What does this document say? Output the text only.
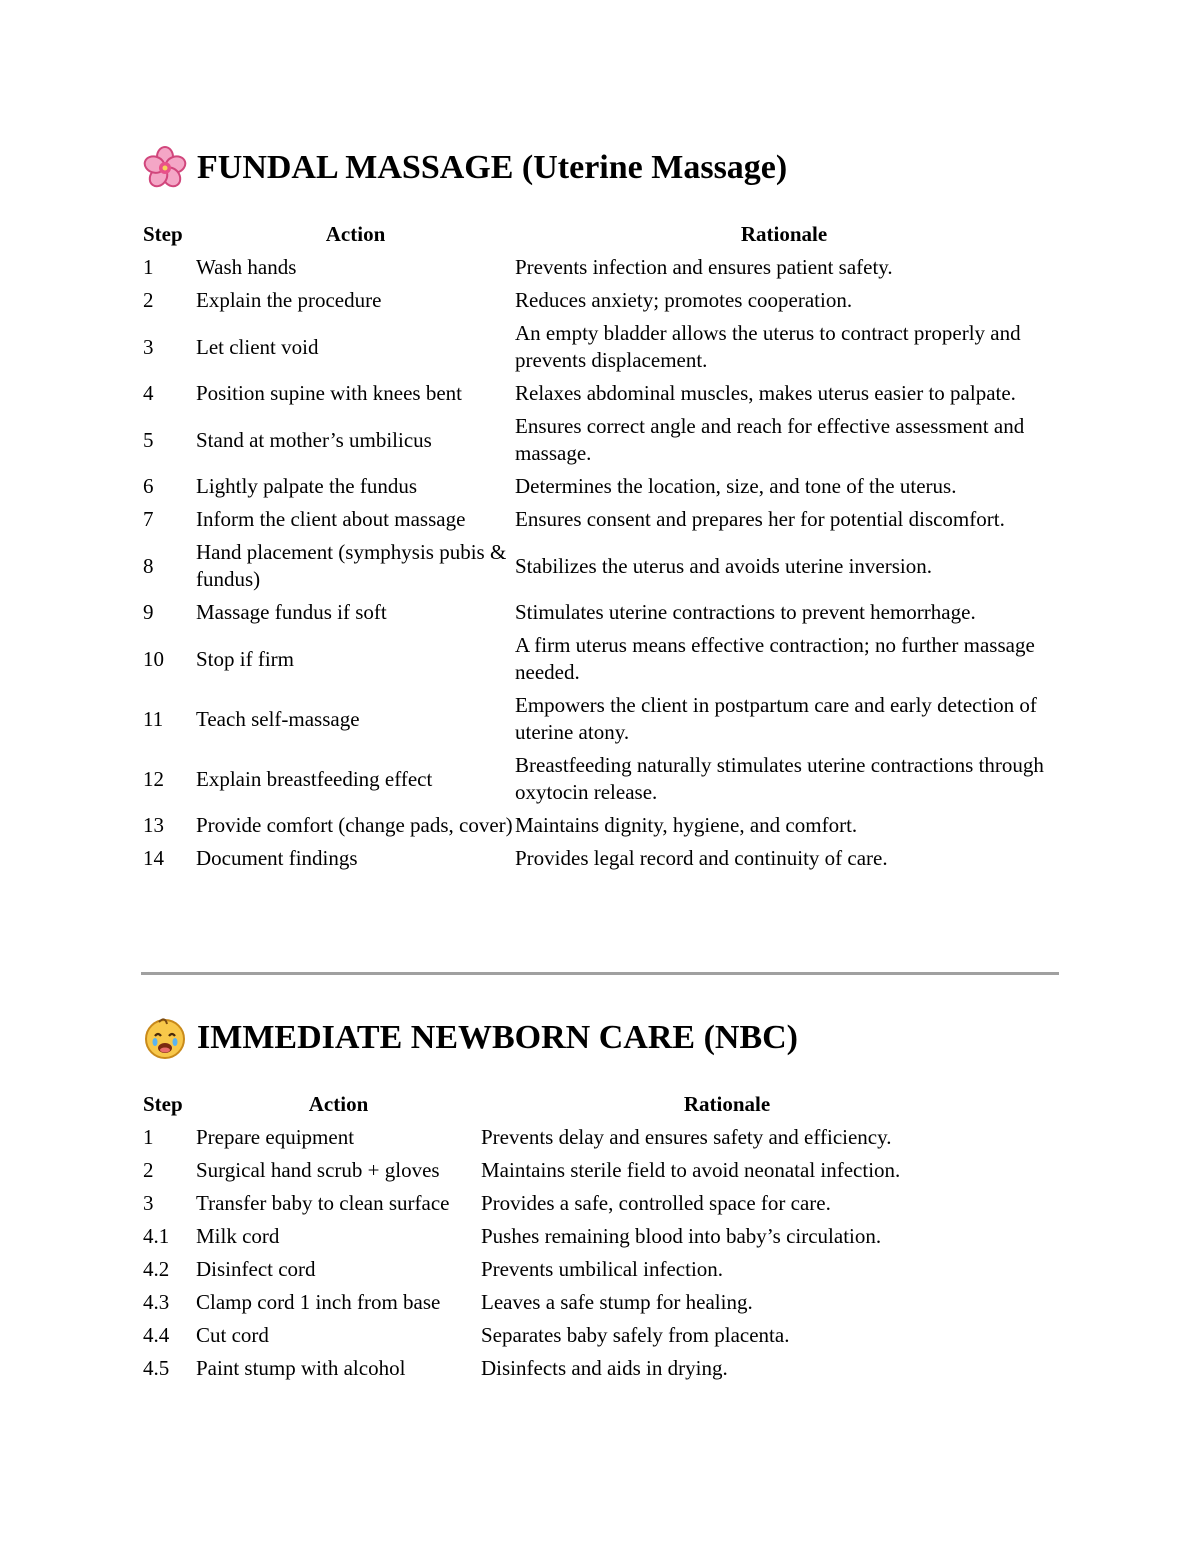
FUNDAL MASSAGE (Uterine Massage)
Step	Action	Rationale
1	Wash hands	Prevents infection and ensures patient safety.
2	Explain the procedure	Reduces anxiety; promotes cooperation.
3	Let client void	An empty bladder allows the uterus to contract properly and prevents displacement.
4	Position supine with knees bent	Relaxes abdominal muscles, makes uterus easier to palpate.
5	Stand at mother’s umbilicus	Ensures correct angle and reach for effective assessment and massage.
6	Lightly palpate the fundus	Determines the location, size, and tone of the uterus.
7	Inform the client about massage	Ensures consent and prepares her for potential discomfort.
8	Hand placement (symphysis pubis & fundus)	Stabilizes the uterus and avoids uterine inversion.
9	Massage fundus if soft	Stimulates uterine contractions to prevent hemorrhage.
10	Stop if firm	A firm uterus means effective contraction; no further massage needed.
11	Teach self-massage	Empowers the client in postpartum care and early detection of uterine atony.
12	Explain breastfeeding effect	Breastfeeding naturally stimulates uterine contractions through oxytocin release.
13	Provide comfort (change pads, cover)	Maintains dignity, hygiene, and comfort.
14	Document findings	Provides legal record and continuity of care.
IMMEDIATE NEWBORN CARE (NBC)
Step	Action	Rationale
1	Prepare equipment	Prevents delay and ensures safety and efficiency.
2	Surgical hand scrub + gloves	Maintains sterile field to avoid neonatal infection.
3	Transfer baby to clean surface	Provides a safe, controlled space for care.
4.1	Milk cord	Pushes remaining blood into baby’s circulation.
4.2	Disinfect cord	Prevents umbilical infection.
4.3	Clamp cord 1 inch from base	Leaves a safe stump for healing.
4.4	Cut cord	Separates baby safely from placenta.
4.5	Paint stump with alcohol	Disinfects and aids in drying.
